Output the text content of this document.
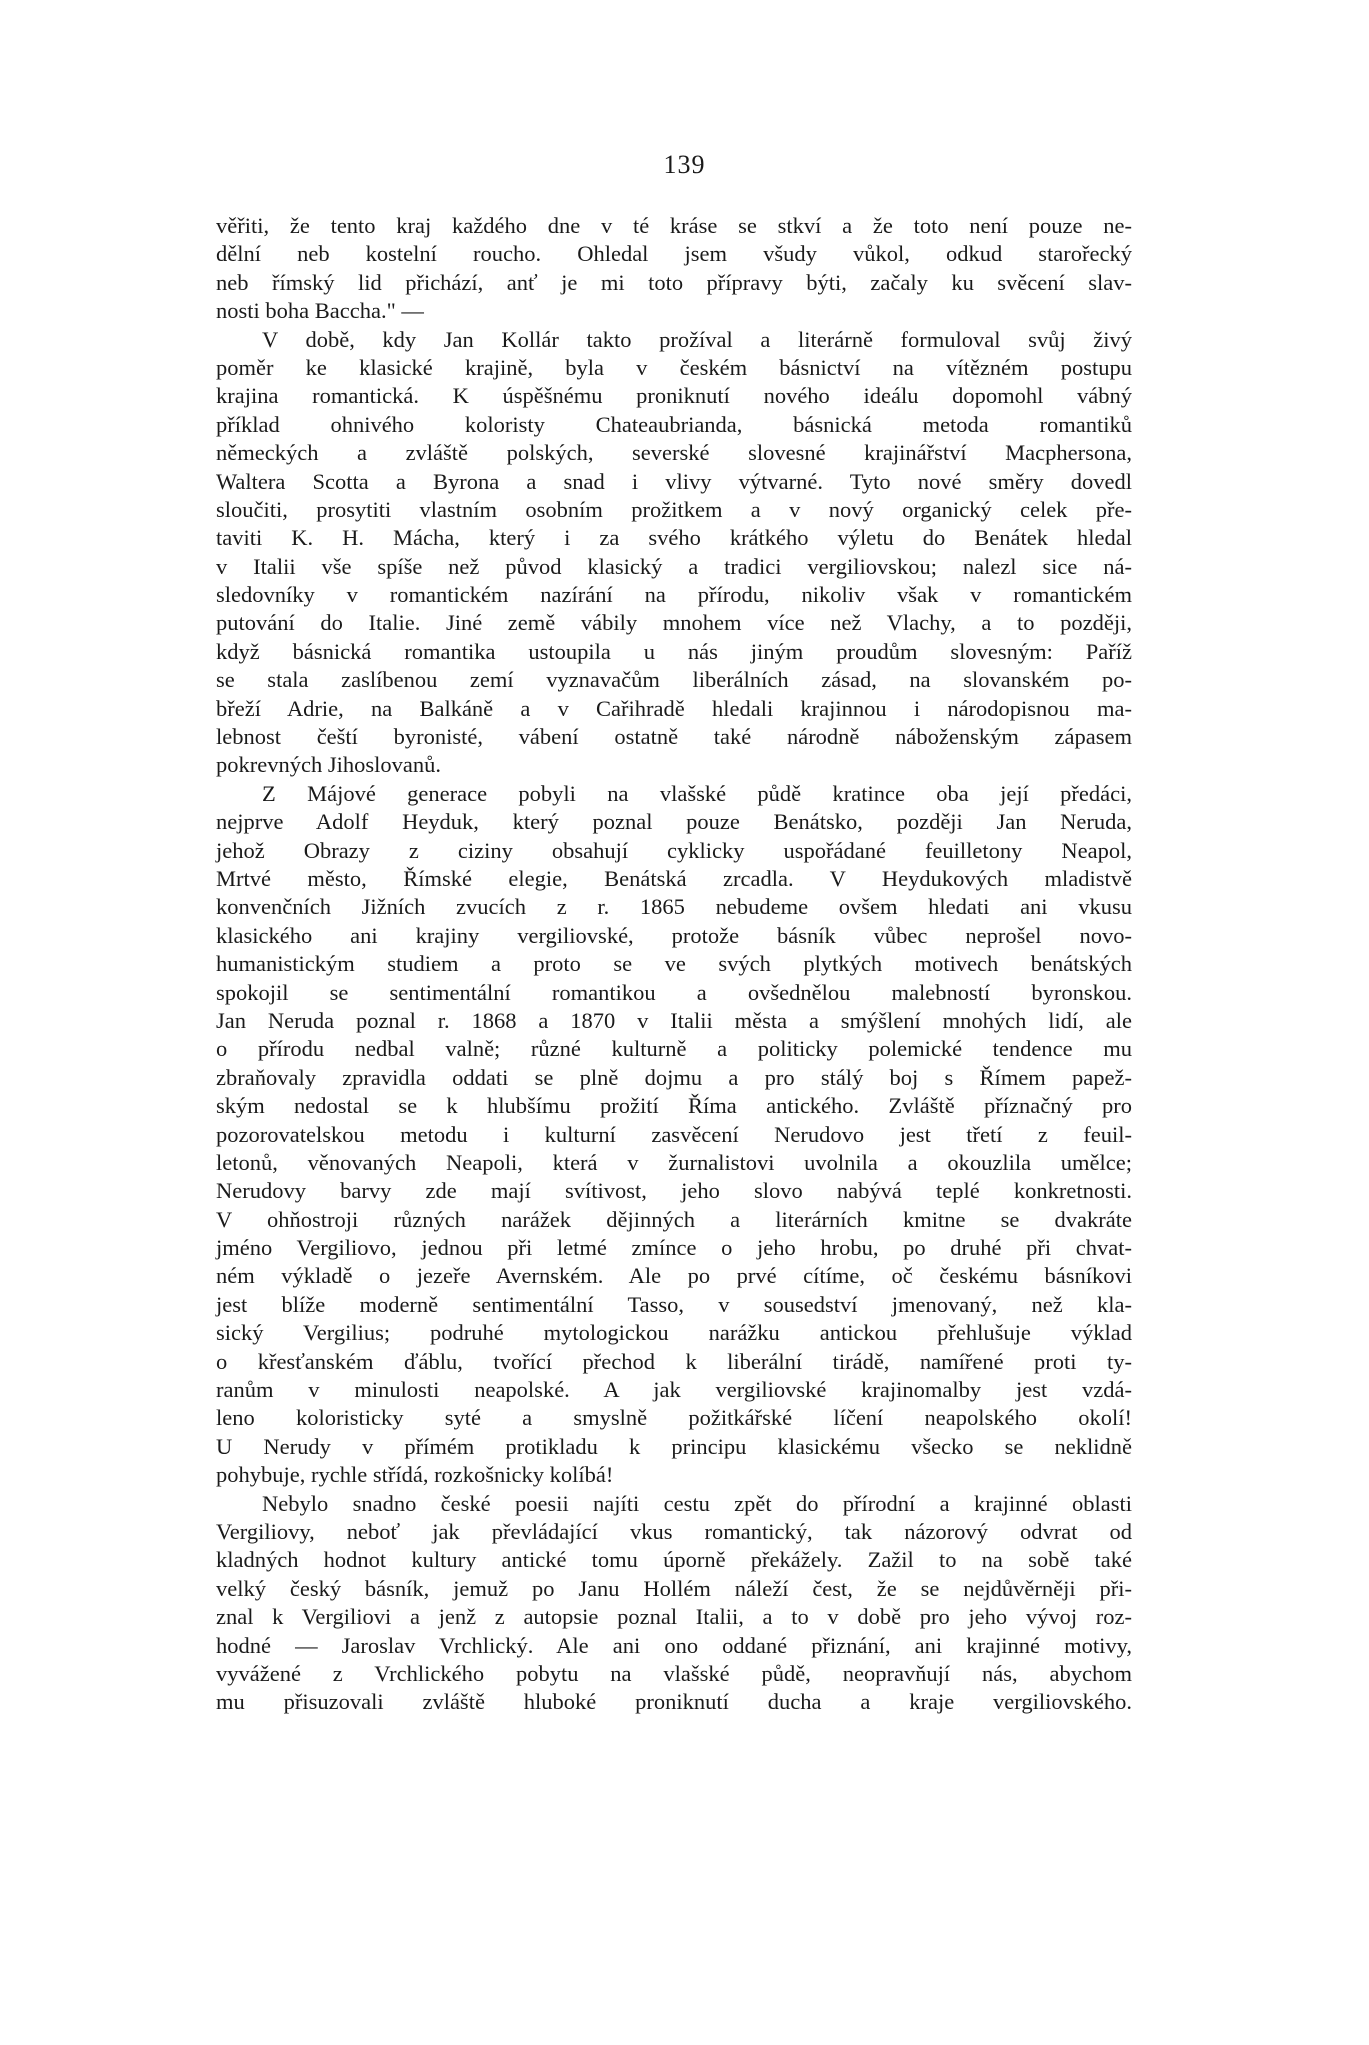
139

věřiti, že tento kraj každého dne v té kráse se stkví a že toto není pouze ne-
dělní neb kostelní roucho. Ohledal jsem všudy vůkol, odkud starořecký
neb římský lid přichází, anť je mi toto přípravy býti, začaly ku svěcení slav-
nosti boha Baccha." —
V době, kdy Jan Kollár takto prožíval a literárně formuloval svůj živý
poměr ke klasické krajině, byla v českém básnictví na vítězném postupu
krajina romantická. K úspěšnému proniknutí nového ideálu dopomohl vábný
příklad ohnivého koloristy Chateaubrianda, básnická metoda romantiků
německých a zvláště polských, severské slovesné krajinářství Macphersona,
Waltera Scotta a Byrona a snad i vlivy výtvarné. Tyto nové směry dovedl
sloučiti, prosytiti vlastním osobním prožitkem a v nový organický celek pře-
taviti K. H. Mácha, který i za svého krátkého výletu do Benátek hledal
v Italii vše spíše než původ klasický a tradici vergiliovskou; nalezl sice ná-
sledovníky v romantickém nazírání na přírodu, nikoliv však v romantickém
putování do Italie. Jiné země vábily mnohem více než Vlachy, a to později,
když básnická romantika ustoupila u nás jiným proudům slovesným: Paříž
se stala zaslíbenou zemí vyznavačům liberálních zásad, na slovanském po-
břeží Adrie, na Balkáně a v Cařihradě hledali krajinnou i národopisnou ma-
lebnost čeští byronisté, vábení ostatně také národně náboženským zápasem
pokrevných Jihoslovanů.
Z Májové generace pobyli na vlašské půdě kratince oba její předáci,
nejprve Adolf Heyduk, který poznal pouze Benátsko, později Jan Neruda,
jehož Obrazy z ciziny obsahují cyklicky uspořádané feuilletony Neapol,
Mrtvé město, Římské elegie, Benátská zrcadla. V Heydukových mladistvě
konvenčních Jižních zvucích z r. 1865 nebudeme ovšem hledati ani vkusu
klasického ani krajiny vergiliovské, protože básník vůbec neprošel novo-
humanistickým studiem a proto se ve svých plytkých motivech benátských
spokojil se sentimentální romantikou a ovšednělou malebností byronskou.
Jan Neruda poznal r. 1868 a 1870 v Italii města a smýšlení mnohých lidí, ale
o přírodu nedbal valně; různé kulturně a politicky polemické tendence mu
zbraňovaly zpravidla oddati se plně dojmu a pro stálý boj s Římem papež-
ským nedostal se k hlubšímu prožití Říma antického. Zvláště příznačný pro
pozorovatelskou metodu i kulturní zasvěcení Nerudovo jest třetí z feuil-
letonů, věnovaných Neapoli, která v žurnalistovi uvolnila a okouzlila umělce;
Nerudovy barvy zde mají svítivost, jeho slovo nabývá teplé konkretnosti.
V ohňostroji různých narážek dějinných a literárních kmitne se dvakráte
jméno Vergiliovo, jednou při letmé zmínce o jeho hrobu, po druhé při chvat-
ném výkladě o jezeře Avernském. Ale po prvé cítíme, oč českému básníkovi
jest blíže moderně sentimentální Tasso, v sousedství jmenovaný, než kla-
sický Vergilius; podruhé mytologickou narážku antickou přehlušuje výklad
o křesťanském ďáblu, tvořící přechod k liberální tirádě, namířené proti ty-
ranům v minulosti neapolské. A jak vergiliovské krajinomalby jest vzdá-
leno koloristicky syté a smyslně požitkářské líčení neapolského okolí!
U Nerudy v přímém protikladu k principu klasickému všecko se neklidně
pohybuje, rychle střídá, rozkošnicky kolíbá!
Nebylo snadno české poesii najíti cestu zpět do přírodní a krajinné oblasti
Vergiliovy, neboť jak převládající vkus romantický, tak názorový odvrat od
kladných hodnot kultury antické tomu úporně překážely. Zažil to na sobě také
velký český básník, jemuž po Janu Hollém náleží čest, že se nejdůvěrněji při-
znal k Vergiliovi a jenž z autopsie poznal Italii, a to v době pro jeho vývoj roz-
hodné — Jaroslav Vrchlický. Ale ani ono oddané přiznání, ani krajinné motivy,
vyvážené z Vrchlického pobytu na vlašské půdě, neopravňují nás, abychom
mu přisuzovali zvláště hluboké proniknutí ducha a kraje vergiliovského.
